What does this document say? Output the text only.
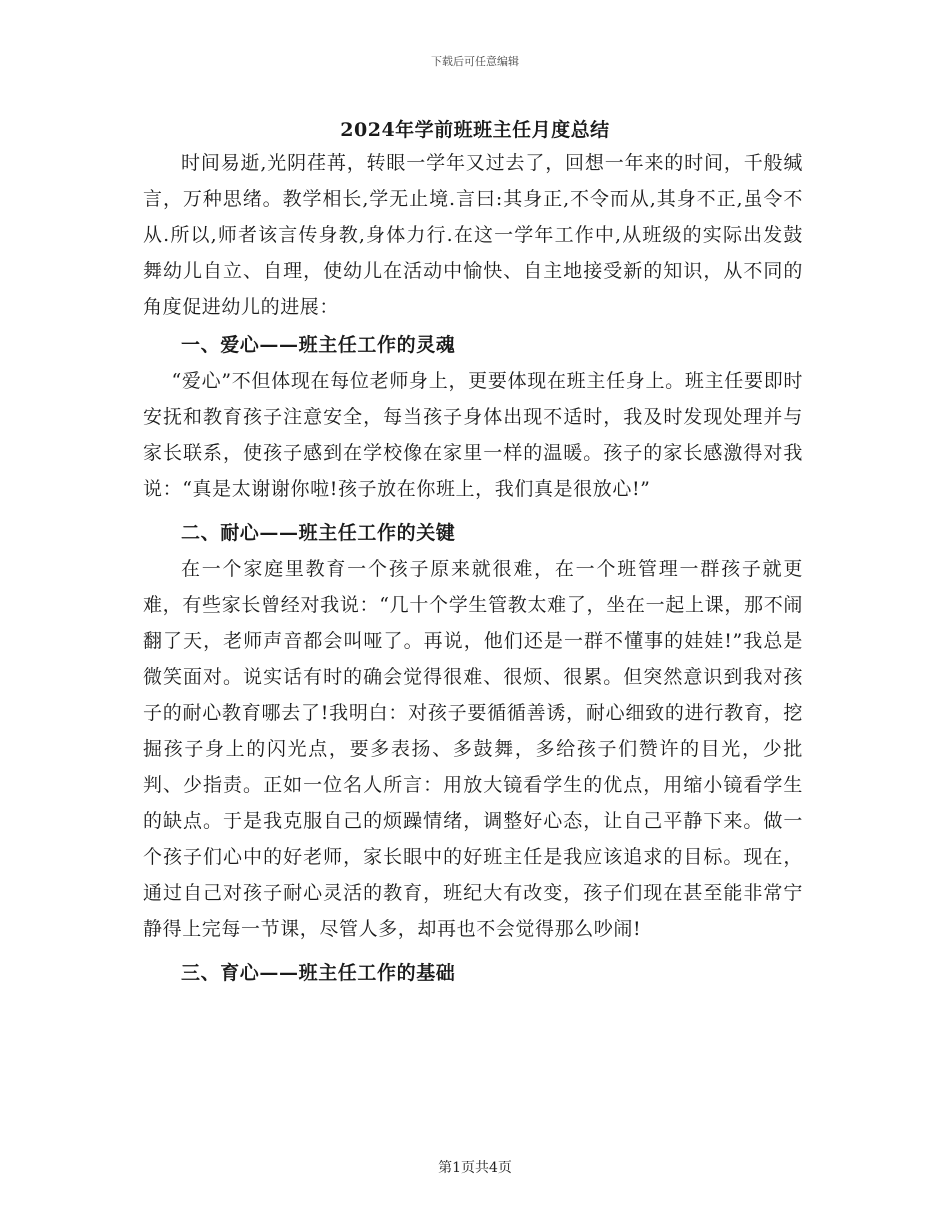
下载后可任意编辑
2024年学前班班主任月度总结

时间易逝,光阴荏苒，转眼一学年又过去了，回想一年来的时间，千般缄言，万种思绪。教学相长,学无止境.言曰:其身正,不令而从,其身不正,虽令不从.所以,师者该言传身教,身体力行.在这一学年工作中,从班级的实际出发鼓舞幼儿自立、自理，使幼儿在活动中愉快、自主地接受新的知识，从不同的角度促进幼儿的进展：

一、爱心——班主任工作的灵魂

“爱心”不但体现在每位老师身上，更要体现在班主任身上。班主任要即时安抚和教育孩子注意安全，每当孩子身体出现不适时，我及时发现处理并与家长联系，使孩子感到在学校像在家里一样的温暖。孩子的家长感激得对我说：“真是太谢谢你啦!孩子放在你班上，我们真是很放心!”

二、耐心——班主任工作的关键

在一个家庭里教育一个孩子原来就很难，在一个班管理一群孩子就更难，有些家长曾经对我说：“几十个学生管教太难了，坐在一起上课，那不闹翻了天，老师声音都会叫哑了。再说，他们还是一群不懂事的娃娃!”我总是微笑面对。说实话有时的确会觉得很难、很烦、很累。但突然意识到我对孩子的耐心教育哪去了!我明白：对孩子要循循善诱，耐心细致的进行教育，挖掘孩子身上的闪光点，要多表扬、多鼓舞，多给孩子们赞许的目光，少批判、少指责。正如一位名人所言：用放大镜看学生的优点，用缩小镜看学生的缺点。于是我克服自己的烦躁情绪，调整好心态，让自己平静下来。做一个孩子们心中的好老师，家长眼中的好班主任是我应该追求的目标。现在，通过自己对孩子耐心灵活的教育，班纪大有改变，孩子们现在甚至能非常宁静得上完每一节课，尽管人多，却再也不会觉得那么吵闹!

三、育心——班主任工作的基础

第1页共4页
